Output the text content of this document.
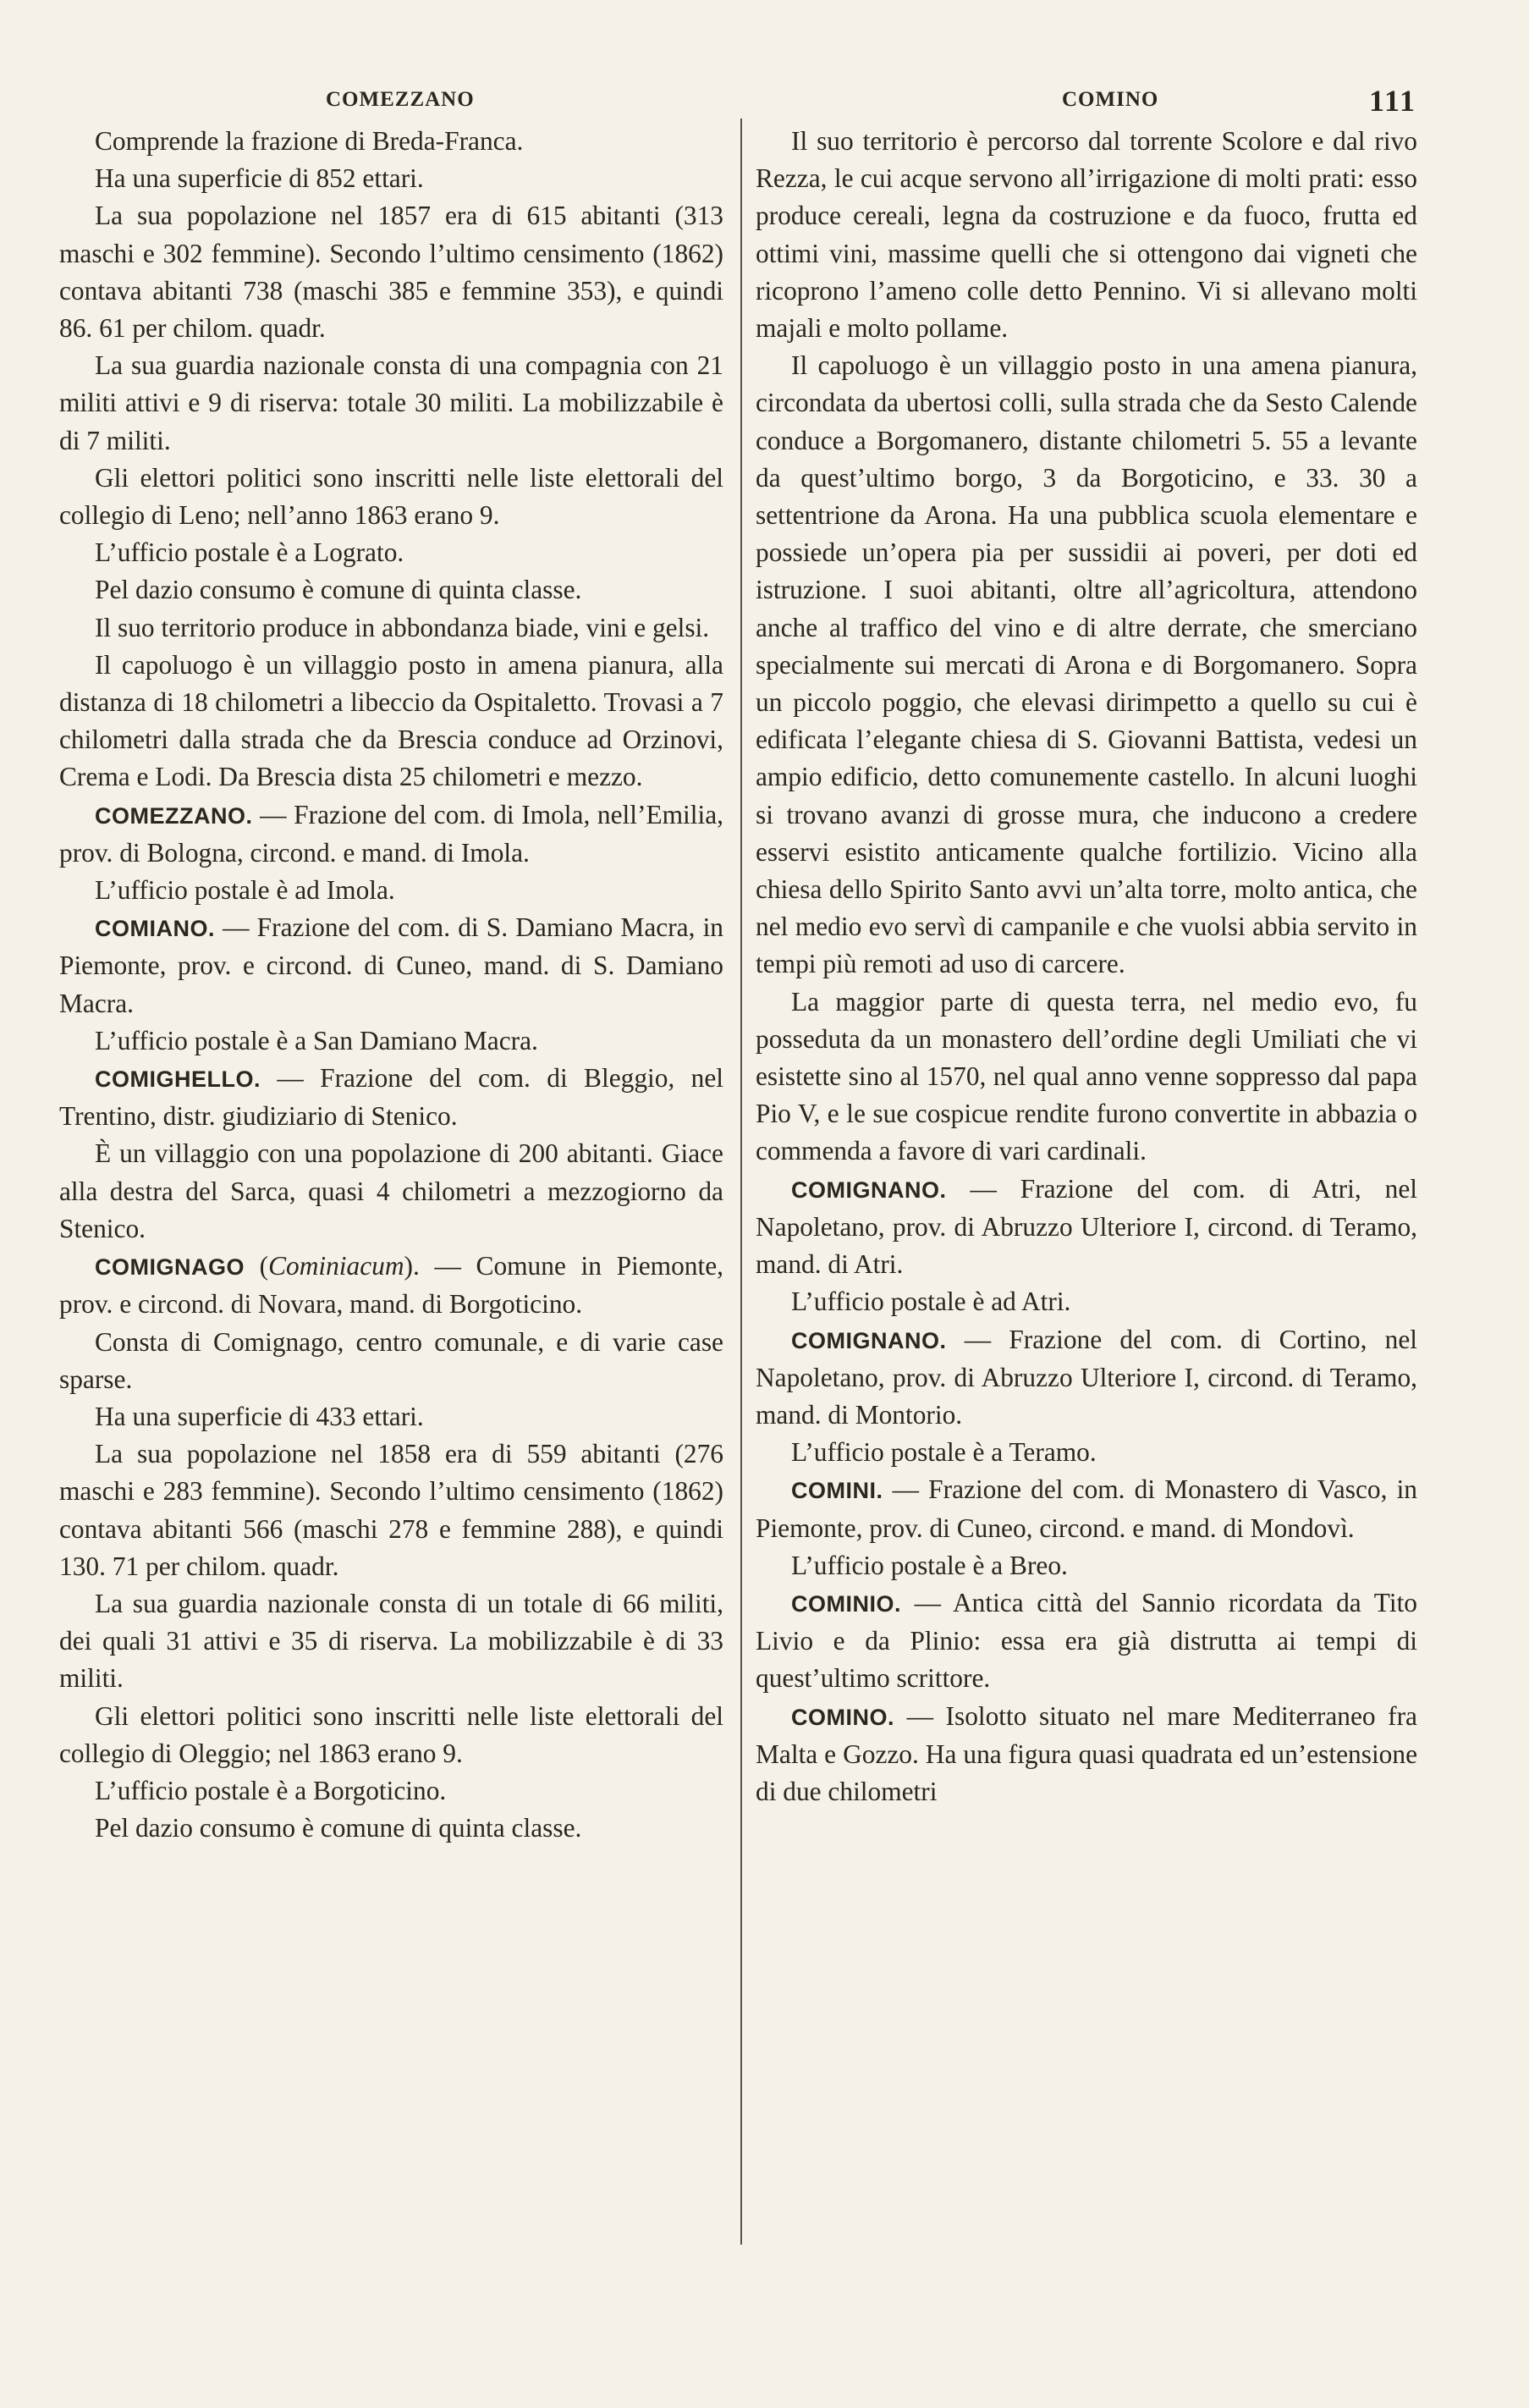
COMEZZANO	COMINO	111

Comprende la frazione di Breda-Franca.

Ha una superficie di 852 ettari.

La sua popolazione nel 1857 era di 615 abitanti (313 maschi e 302 femmine). Secondo l’ultimo censimento (1862) contava abitanti 738 (maschi 385 e femmine 353), e quindi 86. 61 per chilom. quadr.

La sua guardia nazionale consta di una compagnia con 21 militi attivi e 9 di riserva: totale 30 militi. La mobilizzabile è di 7 militi.

Gli elettori politici sono inscritti nelle liste elettorali del collegio di Leno; nell’anno 1863 erano 9.

L’ufficio postale è a Lograto.

Pel dazio consumo è comune di quinta classe.

Il suo territorio produce in abbondanza biade, vini e gelsi.

Il capoluogo è un villaggio posto in amena pianura, alla distanza di 18 chilometri a libeccio da Ospitaletto. Trovasi a 7 chilometri dalla strada che da Brescia conduce ad Orzinovi, Crema e Lodi. Da Brescia dista 25 chilometri e mezzo.

COMEZZANO. — Frazione del com. di Imola, nell’Emilia, prov. di Bologna, circond. e mand. di Imola.

L’ufficio postale è ad Imola.

COMIANO. — Frazione del com. di S. Damiano Macra, in Piemonte, prov. e circond. di Cuneo, mand. di S. Damiano Macra.

L’ufficio postale è a San Damiano Macra.

COMIGHELLO. — Frazione del com. di Bleggio, nel Trentino, distr. giudiziario di Stenico.

È un villaggio con una popolazione di 200 abitanti. Giace alla destra del Sarca, quasi 4 chilometri a mezzogiorno da Stenico.

COMIGNAGO (Cominiacum). — Comune in Piemonte, prov. e circond. di Novara, mand. di Borgoticino.

Consta di Comignago, centro comunale, e di varie case sparse.

Ha una superficie di 433 ettari.

La sua popolazione nel 1858 era di 559 abitanti (276 maschi e 283 femmine). Secondo l’ultimo censimento (1862) contava abitanti 566 (maschi 278 e femmine 288), e quindi 130. 71 per chilom. quadr.

La sua guardia nazionale consta di un totale di 66 militi, dei quali 31 attivi e 35 di riserva. La mobilizzabile è di 33 militi.

Gli elettori politici sono inscritti nelle liste elettorali del collegio di Oleggio; nel 1863 erano 9.

L’ufficio postale è a Borgoticino.

Pel dazio consumo è comune di quinta classe.

Il suo territorio è percorso dal torrente Scolore e dal rivo Rezza, le cui acque servono all’irrigazione di molti prati: esso produce cereali, legna da costruzione e da fuoco, frutta ed ottimi vini, massime quelli che si ottengono dai vigneti che ricoprono l’ameno colle detto Pennino. Vi si allevano molti majali e molto pollame.

Il capoluogo è un villaggio posto in una amena pianura, circondata da ubertosi colli, sulla strada che da Sesto Calende conduce a Borgomanero, distante chilometri 5. 55 a levante da quest’ultimo borgo, 3 da Borgoticino, e 33. 30 a settentrione da Arona. Ha una pubblica scuola elementare e possiede un’opera pia per sussidii ai poveri, per doti ed istruzione. I suoi abitanti, oltre all’agricoltura, attendono anche al traffico del vino e di altre derrate, che smerciano specialmente sui mercati di Arona e di Borgomanero. Sopra un piccolo poggio, che elevasi dirimpetto a quello su cui è edificata l’elegante chiesa di S. Giovanni Battista, vedesi un ampio edificio, detto comunemente castello. In alcuni luoghi si trovano avanzi di grosse mura, che inducono a credere esservi esistito anticamente qualche fortilizio. Vicino alla chiesa dello Spirito Santo avvi un’alta torre, molto antica, che nel medio evo servì di campanile e che vuolsi abbia servito in tempi più remoti ad uso di carcere.

La maggior parte di questa terra, nel medio evo, fu posseduta da un monastero dell’ordine degli Umiliati che vi esistette sino al 1570, nel qual anno venne soppresso dal papa Pio V, e le sue cospicue rendite furono convertite in abbazia o commenda a favore di vari cardinali.

COMIGNANO. — Frazione del com. di Atri, nel Napoletano, prov. di Abruzzo Ulteriore I, circond. di Teramo, mand. di Atri.

L’ufficio postale è ad Atri.

COMIGNANO. — Frazione del com. di Cortino, nel Napoletano, prov. di Abruzzo Ulteriore I, circond. di Teramo, mand. di Montorio.

L’ufficio postale è a Teramo.

COMINI. — Frazione del com. di Monastero di Vasco, in Piemonte, prov. di Cuneo, circond. e mand. di Mondovì.

L’ufficio postale è a Breo.

COMINIO. — Antica città del Sannio ricordata da Tito Livio e da Plinio: essa era già distrutta ai tempi di quest’ultimo scrittore.

COMINO. — Isolotto situato nel mare Mediterraneo fra Malta e Gozzo. Ha una figura quasi quadrata ed un’estensione di due chilometri
